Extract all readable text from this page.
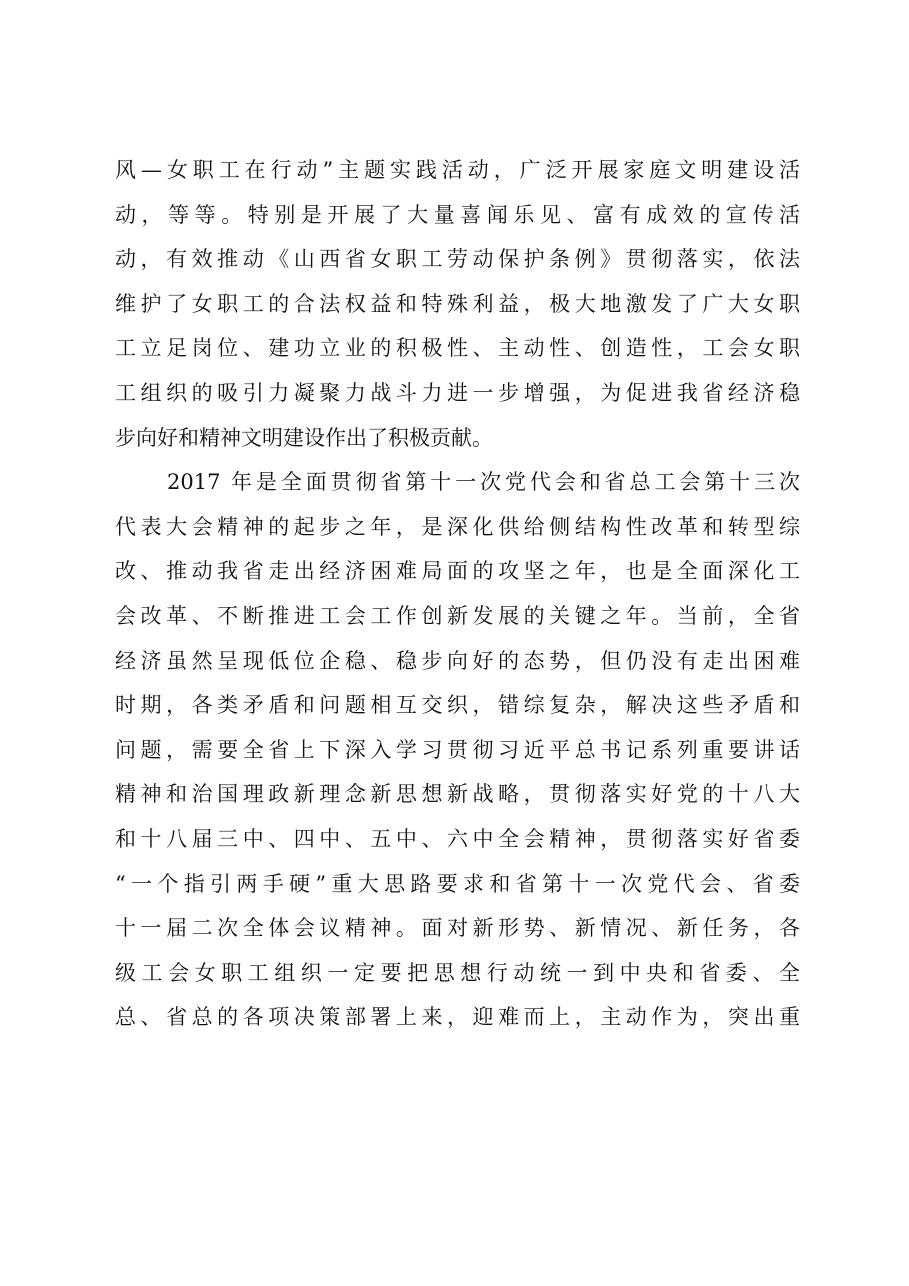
风—女职工在行动”主题实践活动，广泛开展家庭文明建设活
动，等等。特别是开展了大量喜闻乐见、富有成效的宣传活
动，有效推动《山西省女职工劳动保护条例》贯彻落实，依法
维护了女职工的合法权益和特殊利益，极大地激发了广大女职
工立足岗位、建功立业的积极性、主动性、创造性，工会女职
工组织的吸引力凝聚力战斗力进一步增强，为促进我省经济稳
步向好和精神文明建设作出了积极贡献。
2017 年是全面贯彻省第十一次党代会和省总工会第十三次
代表大会精神的起步之年，是深化供给侧结构性改革和转型综
改、推动我省走出经济困难局面的攻坚之年，也是全面深化工
会改革、不断推进工会工作创新发展的关键之年。当前，全省
经济虽然呈现低位企稳、稳步向好的态势，但仍没有走出困难
时期，各类矛盾和问题相互交织，错综复杂，解决这些矛盾和
问题，需要全省上下深入学习贯彻习近平总书记系列重要讲话
精神和治国理政新理念新思想新战略，贯彻落实好党的十八大
和十八届三中、四中、五中、六中全会精神，贯彻落实好省委
“一个指引两手硬”重大思路要求和省第十一次党代会、省委
十一届二次全体会议精神。面对新形势、新情况、新任务，各
级工会女职工组织一定要把思想行动统一到中央和省委、全
总、省总的各项决策部署上来，迎难而上，主动作为，突出重
